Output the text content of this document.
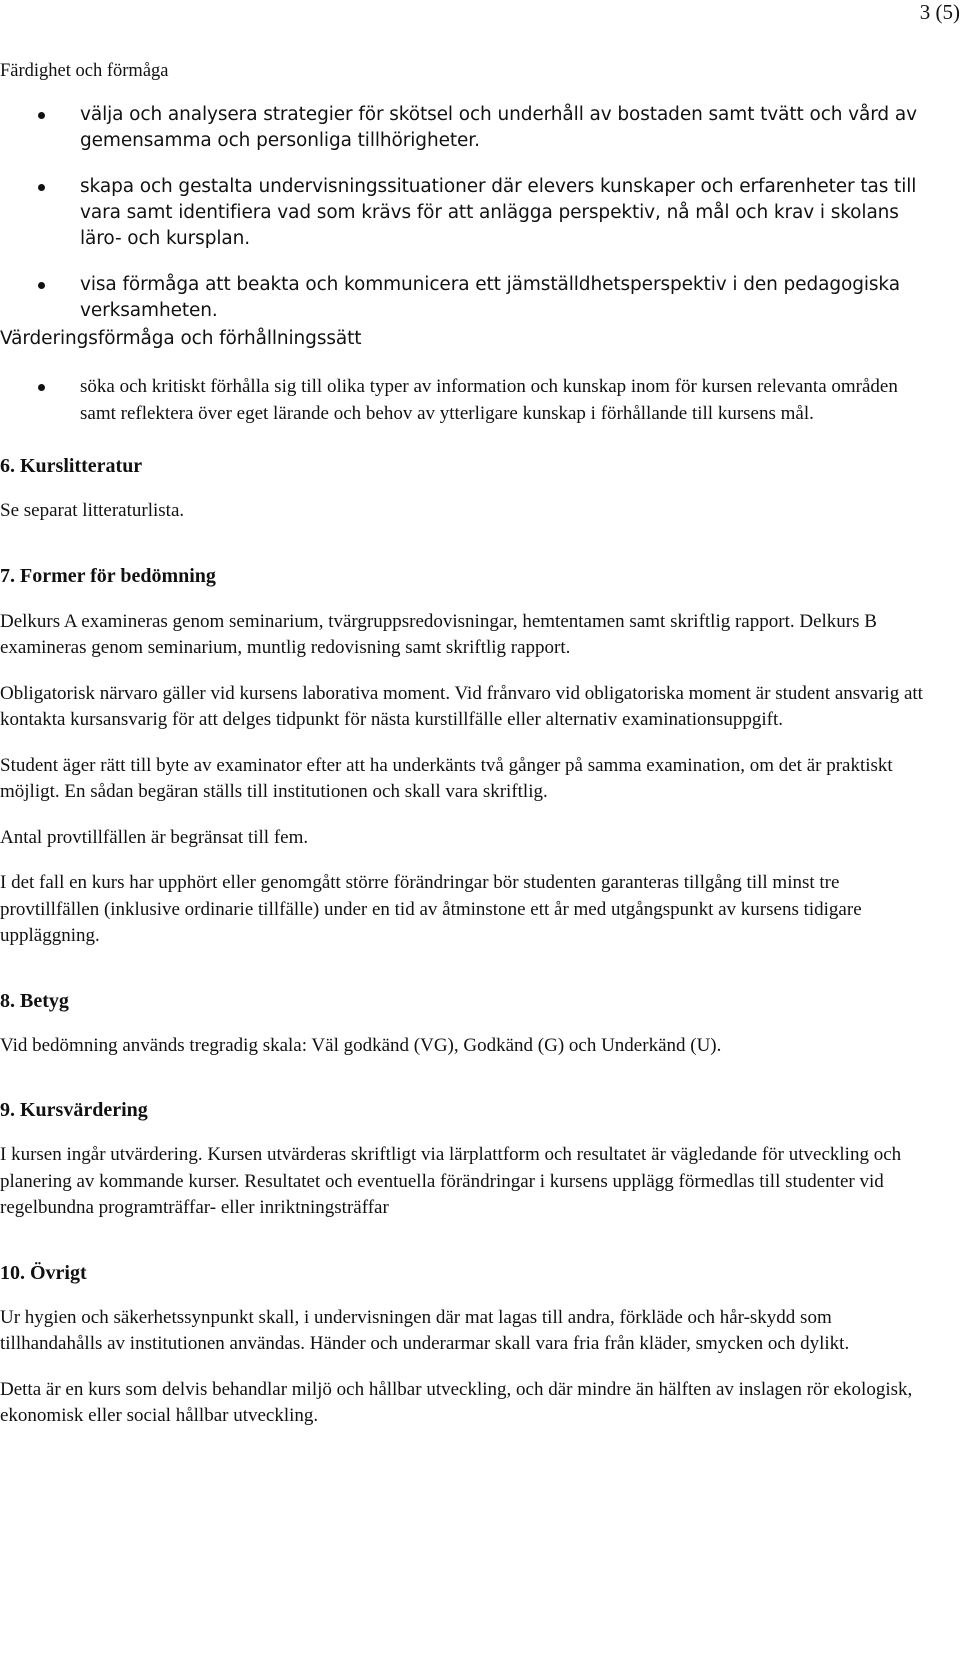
3 (5)
Färdighet och förmåga
välja och analysera strategier för skötsel och underhåll av bostaden samt tvätt och vård av gemensamma och personliga tillhörigheter.
skapa och gestalta undervisningssituationer där elevers kunskaper och erfarenheter tas till vara samt identifiera vad som krävs för att anlägga perspektiv, nå mål och krav i skolans läro- och kursplan.
visa förmåga att beakta och kommunicera ett jämställdhetsperspektiv i den pedagogiska verksamheten.
Värderingsförmåga och förhållningssätt
söka och kritiskt förhålla sig till olika typer av information och kunskap inom för kursen relevanta områden samt reflektera över eget lärande och behov av ytterligare kunskap i förhållande till kursens mål.
6. Kurslitteratur

Se separat litteraturlista.

7. Former för bedömning

Delkurs A examineras genom seminarium, tvärgruppsredovisningar, hemtentamen samt skriftlig rapport. Delkurs B examineras genom seminarium, muntlig redovisning samt skriftlig rapport.

Obligatorisk närvaro gäller vid kursens laborativa moment. Vid frånvaro vid obligatoriska moment är student ansvarig att kontakta kursansvarig för att delges tidpunkt för nästa kurstillfälle eller alternativ examinationsuppgift.

Student äger rätt till byte av examinator efter att ha underkänts två gånger på samma examination, om det är praktiskt möjligt. En sådan begäran ställs till institutionen och skall vara skriftlig.

Antal provtillfällen är begränsat till fem.

I det fall en kurs har upphört eller genomgått större förändringar bör studenten garanteras tillgång till minst tre provtillfällen (inklusive ordinarie tillfälle) under en tid av åtminstone ett år med utgångspunkt av kursens tidigare uppläggning.

8. Betyg

Vid bedömning används tregradig skala: Väl godkänd (VG), Godkänd (G) och Underkänd (U).

9. Kursvärdering

I kursen ingår utvärdering. Kursen utvärderas skriftligt via lärplattform och resultatet är vägledande för utveckling och planering av kommande kurser. Resultatet och eventuella förändringar i kursens upplägg förmedlas till studenter vid regelbundna programträffar- eller inriktningsträffar

10. Övrigt

Ur hygien och säkerhetssynpunkt skall, i undervisningen där mat lagas till andra, förkläde och hår-skydd som tillhandahålls av institutionen användas. Händer och underarmar skall vara fria från kläder, smycken och dylikt.

Detta är en kurs som delvis behandlar miljö och hållbar utveckling, och där mindre än hälften av inslagen rör ekologisk, ekonomisk eller social hållbar utveckling.
